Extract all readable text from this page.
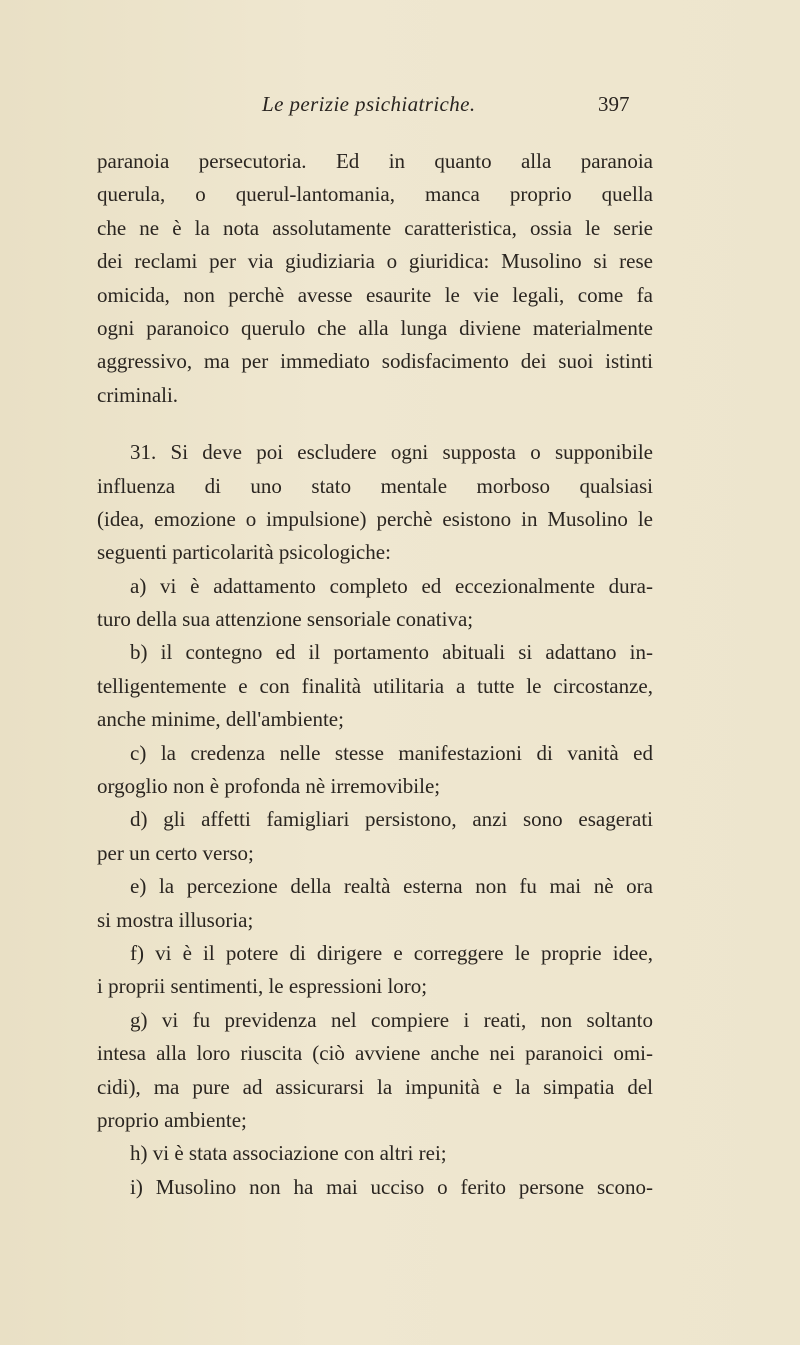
Le perizie psichiatriche.	397
paranoia persecutoria. Ed in quanto alla paranoia
querula, o querul-lantomania, manca proprio quella
che ne è la nota assolutamente caratteristica, ossia le serie
dei reclami per via giudiziaria o giuridica: Musolino si rese
omicida, non perchè avesse esaurite le vie legali, come fa
ogni paranoico querulo che alla lunga diviene materialmente
aggressivo, ma per immediato sodisfacimento dei suoi istinti
criminali.
31. Si deve poi escludere ogni supposta o supponibile
influenza di uno stato mentale morboso qualsiasi
(idea, emozione o impulsione) perchè esistono in Musolino le
seguenti particolarità psicologiche:
a) vi è adattamento completo ed eccezionalmente dura-
turo della sua attenzione sensoriale conativa;
b) il contegno ed il portamento abituali si adattano in-
telligentemente e con finalità utilitaria a tutte le circostanze,
anche minime, dell'ambiente;
c) la credenza nelle stesse manifestazioni di vanità ed
orgoglio non è profonda nè irremovibile;
d) gli affetti famigliari persistono, anzi sono esagerati
per un certo verso;
e) la percezione della realtà esterna non fu mai nè ora
si mostra illusoria;
f) vi è il potere di dirigere e correggere le proprie idee,
i proprii sentimenti, le espressioni loro;
g) vi fu previdenza nel compiere i reati, non soltanto
intesa alla loro riuscita (ciò avviene anche nei paranoici omi-
cidi), ma pure ad assicurarsi la impunità e la simpatia del
proprio ambiente;
h) vi è stata associazione con altri rei;
i) Musolino non ha mai ucciso o ferito persone scono-
